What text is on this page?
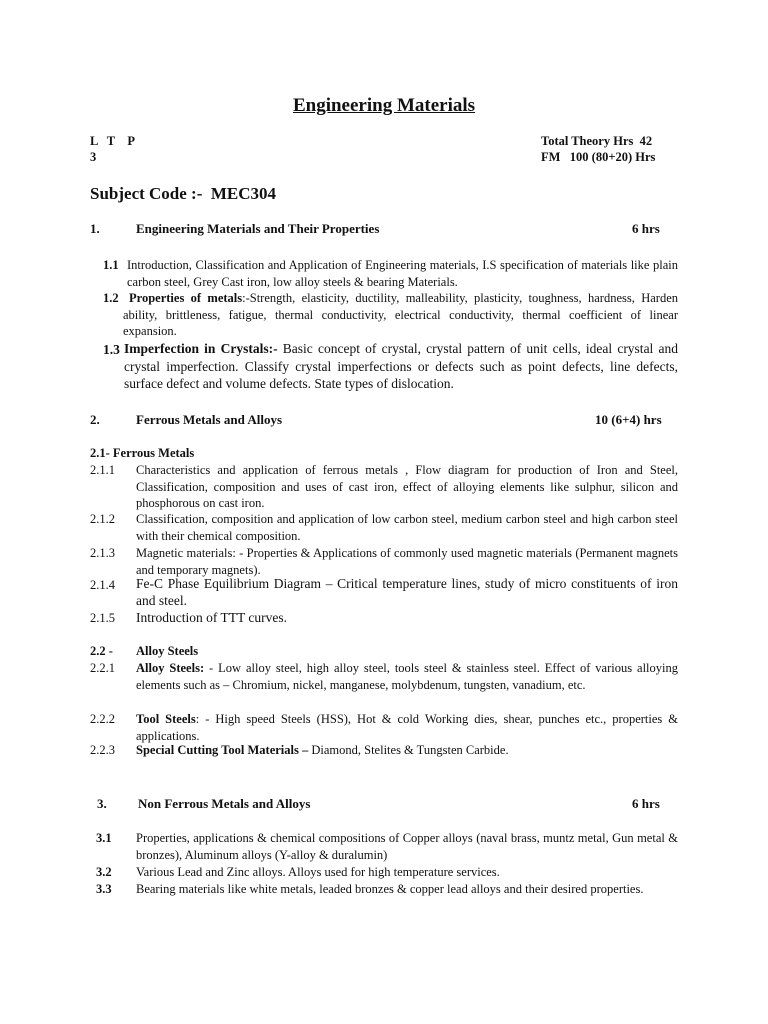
Engineering Materials
L   T    P
3
Total Theory Hrs  42
FM   100 (80+20) Hrs
Subject Code :-  MEC304
1.	Engineering Materials and Their Properties	6 hrs
1.1 Introduction, Classification and Application of Engineering materials, I.S specification of materials like plain carbon steel, Grey Cast iron, low alloy steels & bearing Materials.
1.2 Properties of metals:-Strength, elasticity, ductility, malleability, plasticity, toughness, hardness, Harden ability, brittleness, fatigue, thermal conductivity, electrical conductivity, thermal coefficient of linear expansion.
1.3 Imperfection in Crystals:- Basic concept of crystal, crystal pattern of unit cells, ideal crystal and crystal imperfection. Classify crystal imperfections or defects such as point defects, line defects, surface defect and volume defects. State types of dislocation.
2.	Ferrous Metals and Alloys	10 (6+4) hrs
2.1- Ferrous Metals
2.1.1 Characteristics and application of ferrous metals , Flow diagram for production of Iron and Steel, Classification, composition and uses of cast iron, effect of alloying elements like sulphur, silicon and phosphorous on cast iron.
2.1.2 Classification, composition and application of low carbon steel, medium carbon steel and high carbon steel with their chemical composition.
2.1.3 Magnetic materials: - Properties & Applications of commonly used magnetic materials (Permanent magnets and temporary magnets).
2.1.4 Fe-C Phase Equilibrium Diagram – Critical temperature lines, study of micro constituents of iron and steel.
2.1.5 Introduction of TTT curves.
2.2 - Alloy Steels
2.2.1 Alloy Steels: - Low alloy steel, high alloy steel, tools steel & stainless steel. Effect of various alloying elements such as – Chromium, nickel, manganese, molybdenum, tungsten, vanadium, etc.
2.2.2 Tool Steels: - High speed Steels (HSS), Hot & cold Working dies, shear, punches etc., properties & applications.
2.2.3 Special Cutting Tool Materials – Diamond, Stelites & Tungsten Carbide.
3. Non Ferrous Metals and Alloys	6 hrs
3.1 Properties, applications & chemical compositions of Copper alloys (naval brass, muntz metal, Gun metal & bronzes), Aluminum alloys (Y-alloy & duralumin)
3.2 Various Lead and Zinc alloys. Alloys used for high temperature services.
3.3 Bearing materials like white metals, leaded bronzes & copper lead alloys and their desired properties.
